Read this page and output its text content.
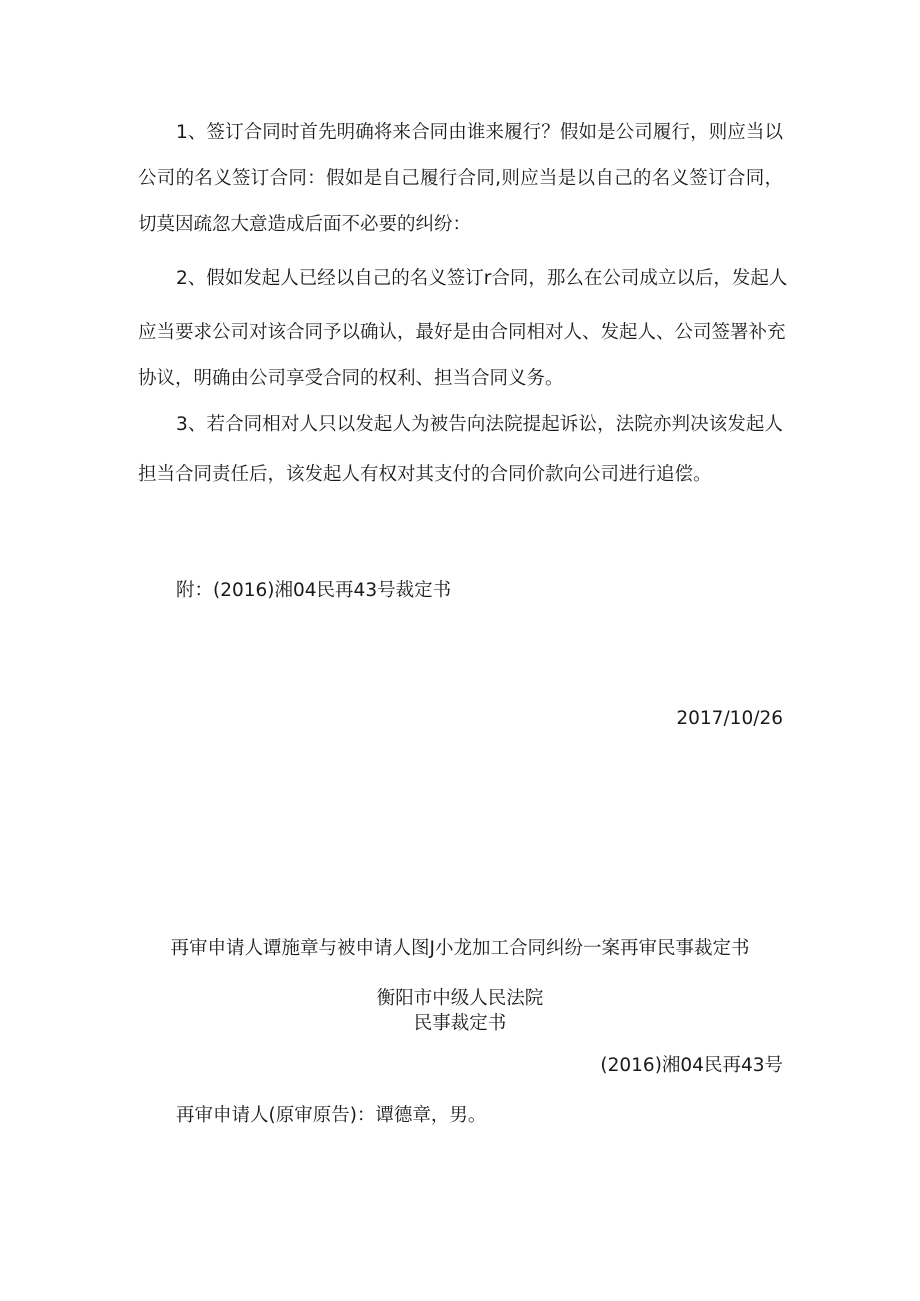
1、签订合同时首先明确将来合同由谁来履行？假如是公司履行，则应当以
公司的名义签订合同：假如是自己履行合同,则应当是以自己的名义签订合同，
切莫因疏忽大意造成后面不必要的纠纷：
2、假如发起人已经以自己的名义签订r合同，那么在公司成立以后，发起人
应当要求公司对该合同予以确认，最好是由合同相对人、发起人、公司签署补充
协议，明确由公司享受合同的权利、担当合同义务。
3、若合同相对人只以发起人为被告向法院提起诉讼，法院亦判决该发起人
担当合同责任后，该发起人有权对其支付的合同价款向公司进行追偿。
附：(2016)湘04民再43号裁定书
2017/10/26
再审申请人谭施章与被申请人图J小龙加工合同纠纷一案再审民事裁定书
衡阳市中级人民法院
民事裁定书
(2016)湘04民再43号
再审申请人(原审原告)：谭德章，男。
